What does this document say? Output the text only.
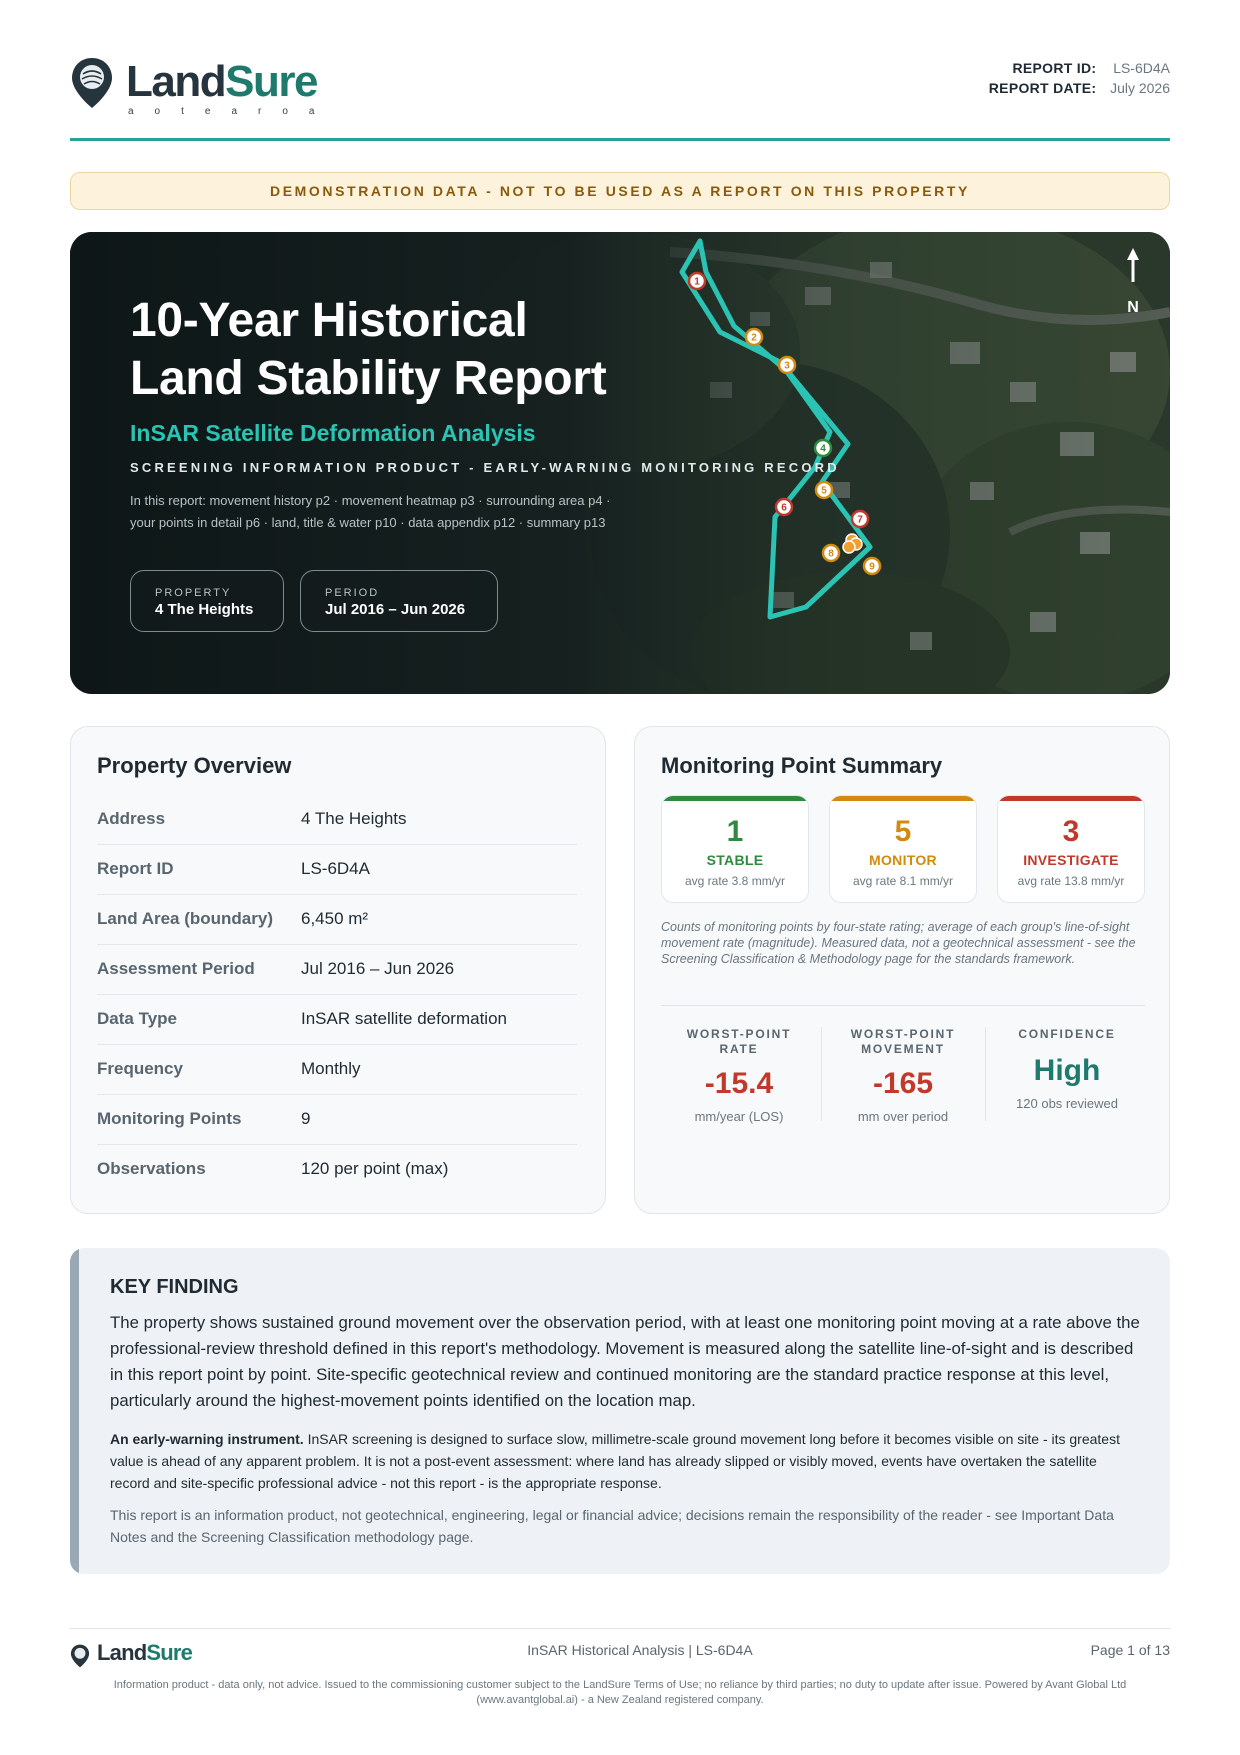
LandSure
aotearoa
REPORT ID: LS-6D4A
REPORT DATE: July 2026
DEMONSTRATION DATA - NOT TO BE USED AS A REPORT ON THIS PROPERTY
N
1
2
3
4
5
6
7
8
9
10-Year Historical
Land Stability Report
InSAR Satellite Deformation Analysis
SCREENING INFORMATION PRODUCT - EARLY-WARNING MONITORING RECORD
In this report: movement history p2 · movement heatmap p3 · surrounding area p4 ·
your points in detail p6 · land, title & water p10 · data appendix p12 · summary p13
PROPERTY
4 The Heights
PERIOD
Jul 2016 – Jun 2026
Property Overview
Address	4 The Heights
Report ID	LS-6D4A
Land Area (boundary) 6,450 m²
Assessment Period	Jul 2016 – Jun 2026
Data Type	InSAR satellite deformation
Frequency	Monthly
Monitoring Points	9
Observations	120 per point (max)
Monitoring Point Summary
1
STABLE
avg rate 3.8 mm/yr
5
MONITOR
avg rate 8.1 mm/yr
3
INVESTIGATE
avg rate 13.8 mm/yr
Counts of monitoring points by four-state rating; average of each group's line-of-sight movement rate (magnitude). Measured data, not a geotechnical assessment - see the Screening Classification & Methodology page for the standards framework.
WORST-POINT
RATE
-15.4
mm/year (LOS)
WORST-POINT
MOVEMENT
-165
mm over period
CONFIDENCE
High
120 obs reviewed
KEY FINDING
The property shows sustained ground movement over the observation period, with at least one monitoring point moving at a rate above the professional-review threshold defined in this report's methodology. Movement is measured along the satellite line-of-sight and is described in this report point by point. Site-specific geotechnical review and continued monitoring are the standard practice response at this level, particularly around the highest-movement points identified on the location map.
An early-warning instrument. InSAR screening is designed to surface slow, millimetre-scale ground movement long before it becomes visible on site - its greatest value is ahead of any apparent problem. It is not a post-event assessment: where land has already slipped or visibly moved, events have overtaken the satellite record and site-specific professional advice - not this report - is the appropriate response.
This report is an information product, not geotechnical, engineering, legal or financial advice; decisions remain the responsibility of the reader - see Important Data Notes and the Screening Classification methodology page.
LandSure	InSAR Historical Analysis | LS-6D4A	Page 1 of 13
Information product - data only, not advice. Issued to the commissioning customer subject to the LandSure Terms of Use; no reliance by third parties; no duty to update after issue. Powered by Avant Global Ltd
(www.avantglobal.ai) - a New Zealand registered company.
